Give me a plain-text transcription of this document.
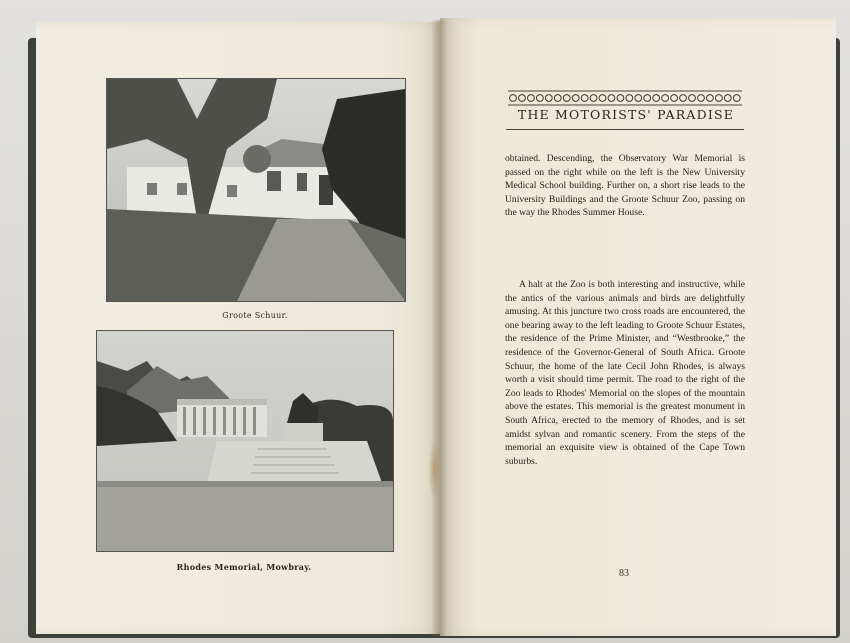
Groote Schuur.
Rhodes Memorial, Mowbray.
THE MOTORISTS' PARADISE
obtained. Descending, the Observatory War Memorial is passed on the right while on the left is the New University Medical School building. Further on, a short rise leads to the University Buildings and the Groote Schuur Zoo, passing on the way the Rhodes Summer House.
A halt at the Zoo is both interesting and instructive, while the antics of the various animals and birds are delightfully amusing. At this juncture two cross roads are encountered, the one bearing away to the left leading to Groote Schuur Estates, the residence of the Prime Minister, and “Westbrooke,” the residence of the Governor-General of South Africa. Groote Schuur, the home of the late Cecil John Rhodes, is always worth a visit should time permit. The road to the right of the Zoo leads to Rhodes' Memorial on the slopes of the mountain above the estates. This memorial is the greatest monument in South Africa, erected to the memory of Rhodes, and is set amidst sylvan and romantic scenery. From the steps of the memorial an exquisite view is obtained of the Cape Town suburbs.
83
